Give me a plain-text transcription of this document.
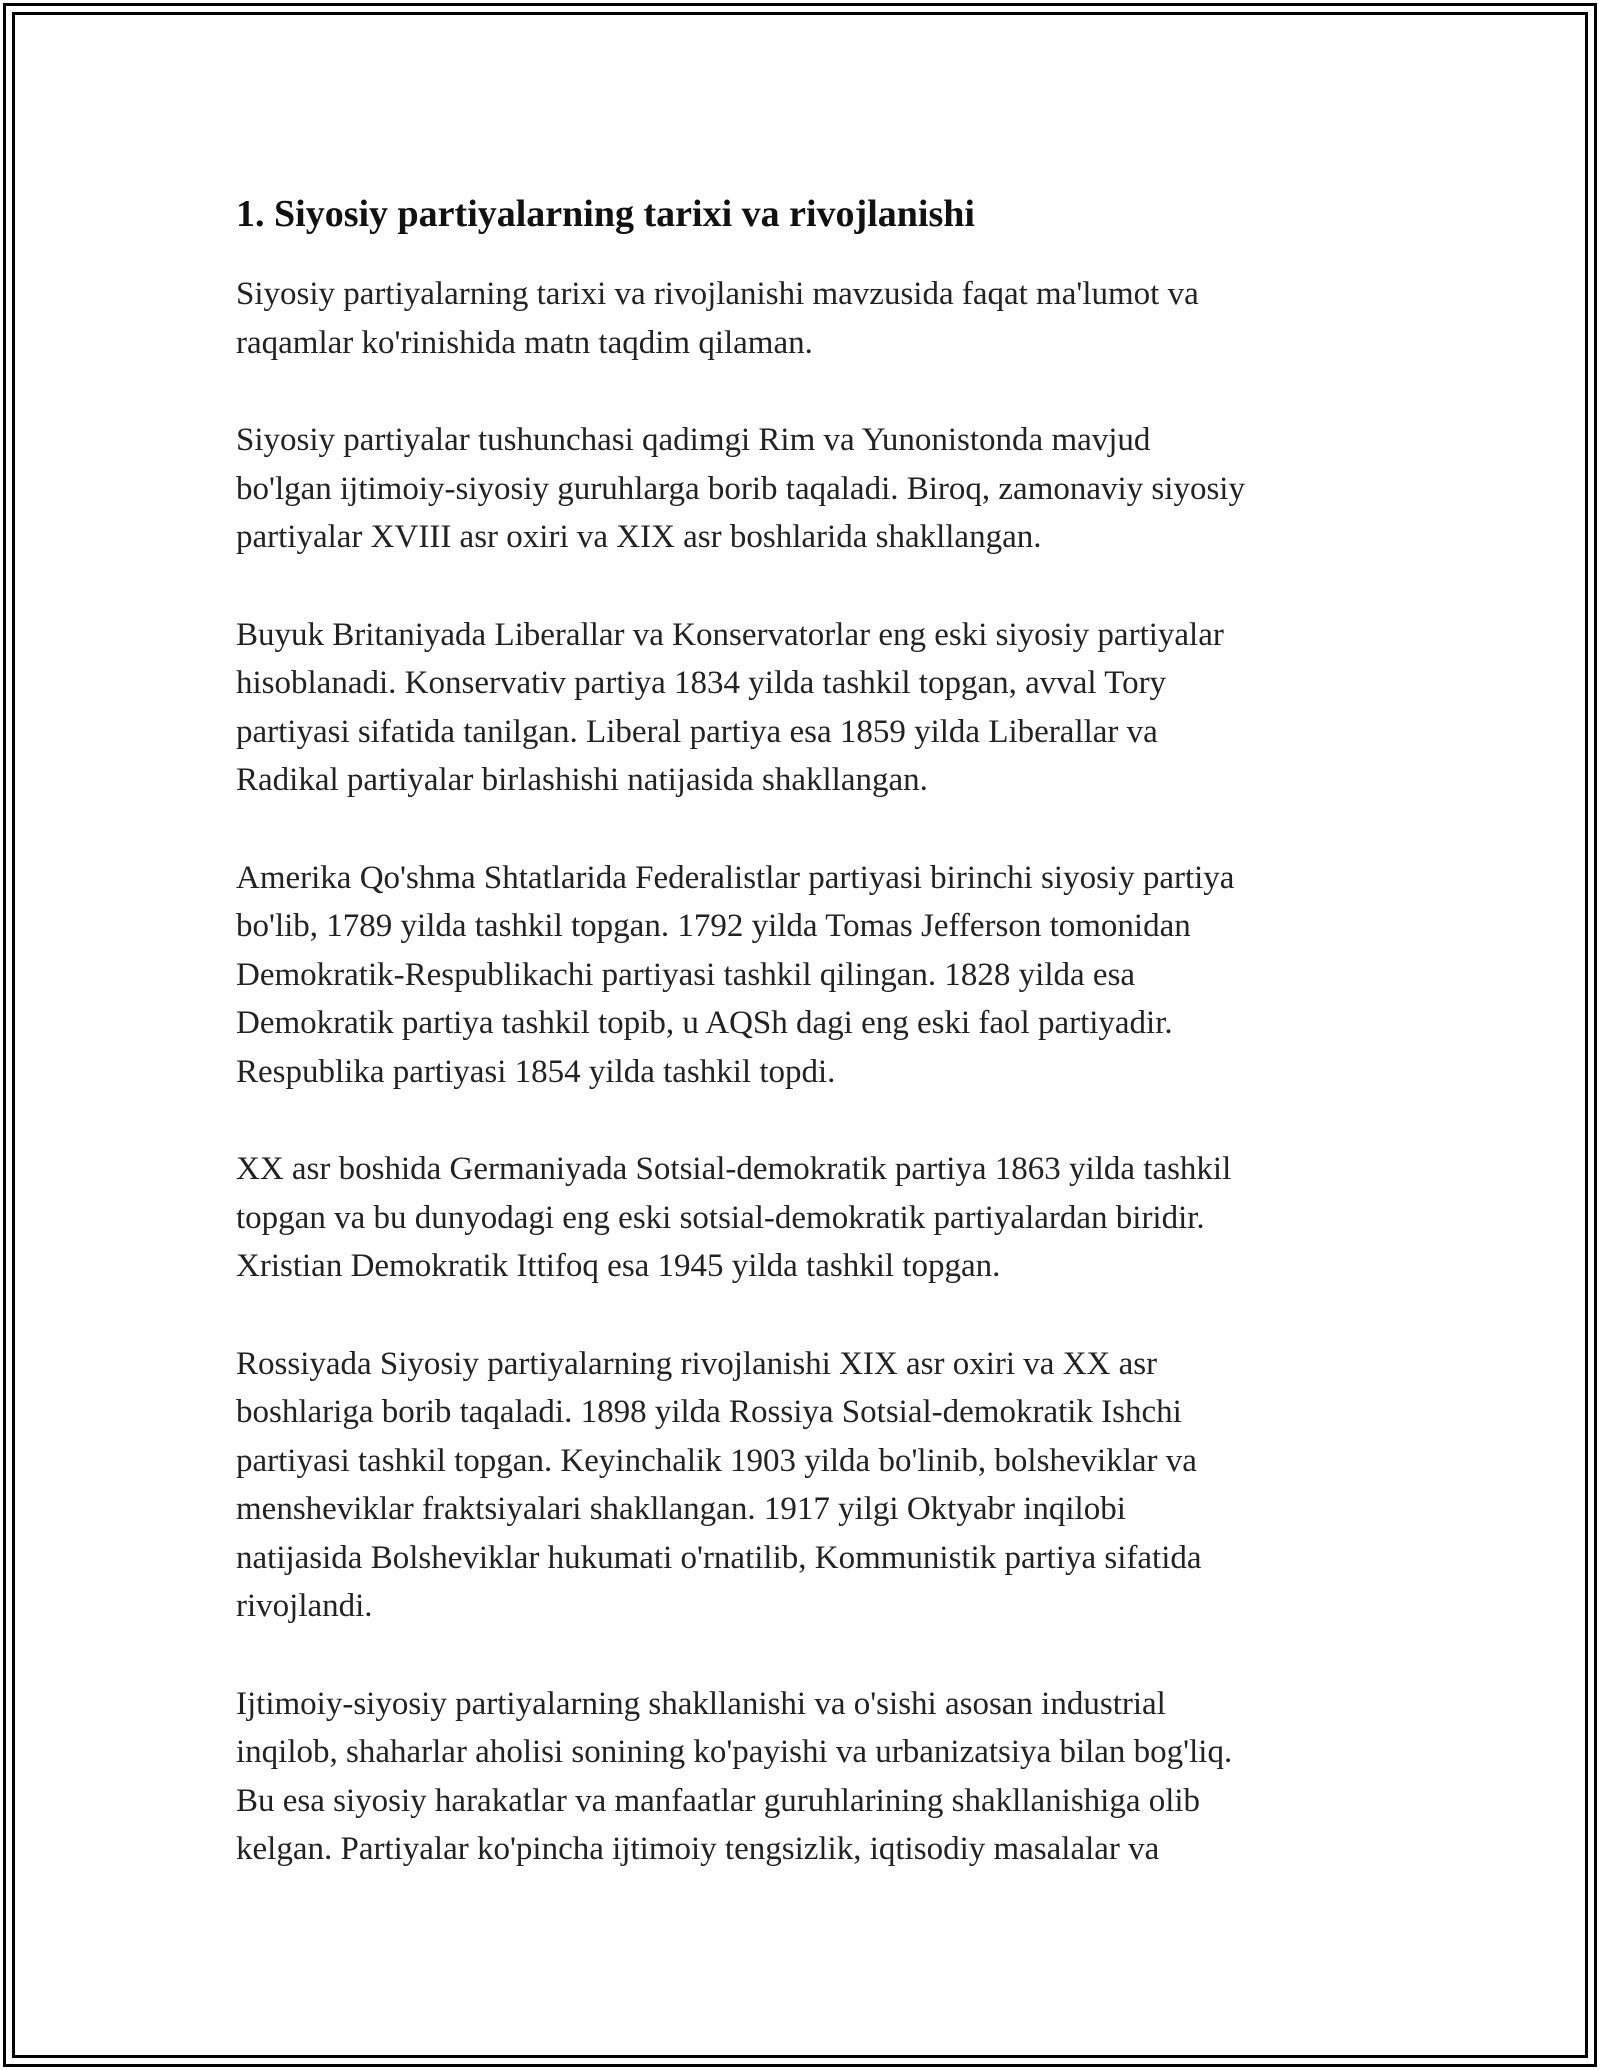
1. Siyosiy partiyalarning tarixi va rivojlanishi

Siyosiy partiyalarning tarixi va rivojlanishi mavzusida faqat ma'lumot va
raqamlar ko'rinishida matn taqdim qilaman.

Siyosiy partiyalar tushunchasi qadimgi Rim va Yunonistonda mavjud
bo'lgan ijtimoiy-siyosiy guruhlarga borib taqaladi. Biroq, zamonaviy siyosiy
partiyalar XVIII asr oxiri va XIX asr boshlarida shakllangan.

Buyuk Britaniyada Liberallar va Konservatorlar eng eski siyosiy partiyalar
hisoblanadi. Konservativ partiya 1834 yilda tashkil topgan, avval Tory
partiyasi sifatida tanilgan. Liberal partiya esa 1859 yilda Liberallar va
Radikal partiyalar birlashishi natijasida shakllangan.

Amerika Qo'shma Shtatlarida Federalistlar partiyasi birinchi siyosiy partiya
bo'lib, 1789 yilda tashkil topgan. 1792 yilda Tomas Jefferson tomonidan
Demokratik-Respublikachi partiyasi tashkil qilingan. 1828 yilda esa
Demokratik partiya tashkil topib, u AQSh dagi eng eski faol partiyadir.
Respublika partiyasi 1854 yilda tashkil topdi.

XX asr boshida Germaniyada Sotsial-demokratik partiya 1863 yilda tashkil
topgan va bu dunyodagi eng eski sotsial-demokratik partiyalardan biridir.
Xristian Demokratik Ittifoq esa 1945 yilda tashkil topgan.

Rossiyada Siyosiy partiyalarning rivojlanishi XIX asr oxiri va XX asr
boshlariga borib taqaladi. 1898 yilda Rossiya Sotsial-demokratik Ishchi
partiyasi tashkil topgan. Keyinchalik 1903 yilda bo'linib, bolsheviklar va
mensheviklar fraktsiyalari shakllangan. 1917 yilgi Oktyabr inqilobi
natijasida Bolsheviklar hukumati o'rnatilib, Kommunistik partiya sifatida
rivojlandi.

Ijtimoiy-siyosiy partiyalarning shakllanishi va o'sishi asosan industrial
inqilob, shaharlar aholisi sonining ko'payishi va urbanizatsiya bilan bog'liq.
Bu esa siyosiy harakatlar va manfaatlar guruhlarining shakllanishiga olib
kelgan. Partiyalar ko'pincha ijtimoiy tengsizlik, iqtisodiy masalalar va
